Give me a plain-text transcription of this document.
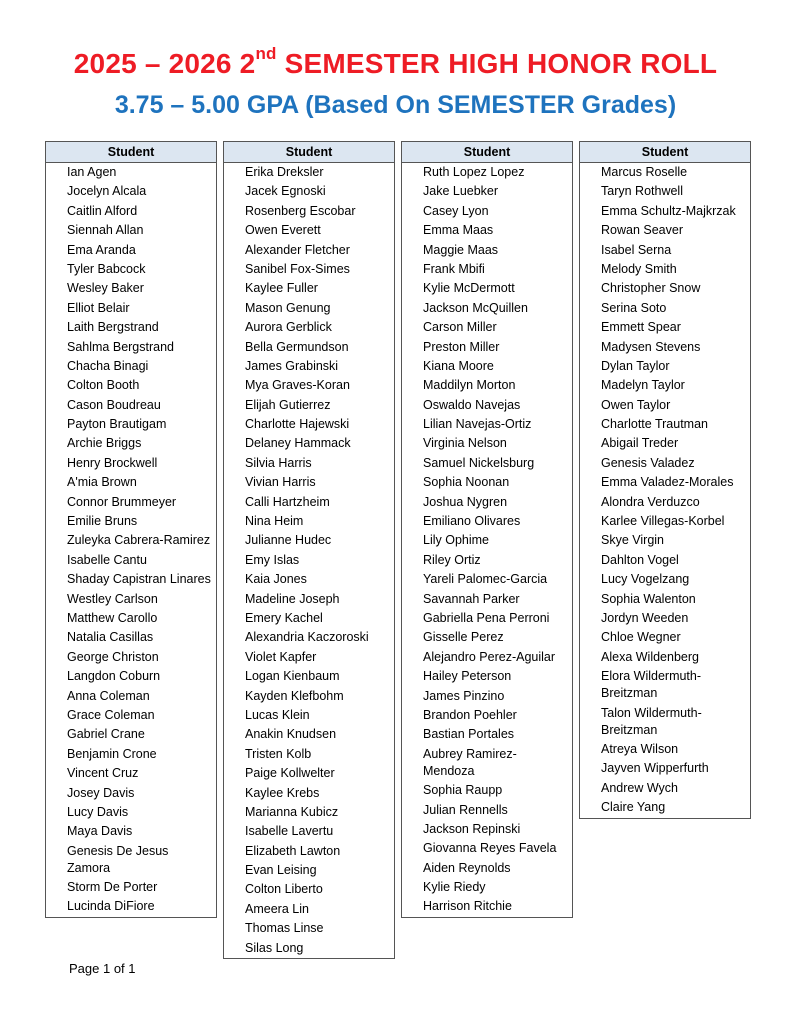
2025 – 2026 2nd SEMESTER HIGH HONOR ROLL
3.75 – 5.00 GPA (Based On SEMESTER Grades)
Student
Ian Agen
Jocelyn Alcala
Caitlin Alford
Siennah Allan
Ema Aranda
Tyler Babcock
Wesley Baker
Elliot Belair
Laith Bergstrand
Sahlma Bergstrand
Chacha Binagi
Colton Booth
Cason Boudreau
Payton Brautigam
Archie Briggs
Henry Brockwell
A'mia Brown
Connor Brummeyer
Emilie Bruns
Zuleyka Cabrera-Ramirez
Isabelle Cantu
Shaday Capistran Linares
Westley Carlson
Matthew Carollo
Natalia Casillas
George Christon
Langdon Coburn
Anna Coleman
Grace Coleman
Gabriel Crane
Benjamin Crone
Vincent Cruz
Josey Davis
Lucy Davis
Maya Davis
Genesis De Jesus Zamora
Storm De Porter
Lucinda DiFiore
Student
Erika Dreksler
Jacek Egnoski
Rosenberg Escobar
Owen Everett
Alexander Fletcher
Sanibel Fox-Simes
Kaylee Fuller
Mason Genung
Aurora Gerblick
Bella Germundson
James Grabinski
Mya Graves-Koran
Elijah Gutierrez
Charlotte Hajewski
Delaney Hammack
Silvia Harris
Vivian Harris
Calli Hartzheim
Nina Heim
Julianne Hudec
Emy Islas
Kaia Jones
Madeline Joseph
Emery Kachel
Alexandria Kaczoroski
Violet Kapfer
Logan Kienbaum
Kayden Klefbohm
Lucas Klein
Anakin Knudsen
Tristen Kolb
Paige Kollwelter
Kaylee Krebs
Marianna Kubicz
Isabelle Lavertu
Elizabeth Lawton
Evan Leising
Colton Liberto
Ameera Lin
Thomas Linse
Silas Long
Student
Ruth Lopez Lopez
Jake Luebker
Casey Lyon
Emma Maas
Maggie Maas
Frank Mbifi
Kylie McDermott
Jackson McQuillen
Carson Miller
Preston Miller
Kiana Moore
Maddilyn Morton
Oswaldo Navejas
Lilian Navejas-Ortiz
Virginia Nelson
Samuel Nickelsburg
Sophia Noonan
Joshua Nygren
Emiliano Olivares
Lily Ophime
Riley Ortiz
Yareli Palomec-Garcia
Savannah Parker
Gabriella Pena Perroni
Gisselle Perez
Alejandro Perez-Aguilar
Hailey Peterson
James Pinzino
Brandon Poehler
Bastian Portales
Aubrey Ramirez-Mendoza
Sophia Raupp
Julian Rennells
Jackson Repinski
Giovanna Reyes Favela
Aiden Reynolds
Kylie Riedy
Harrison Ritchie
Student
Marcus Roselle
Taryn Rothwell
Emma Schultz-Majkrzak
Rowan Seaver
Isabel Serna
Melody Smith
Christopher Snow
Serina Soto
Emmett Spear
Madysen Stevens
Dylan Taylor
Madelyn Taylor
Owen Taylor
Charlotte Trautman
Abigail Treder
Genesis Valadez
Emma Valadez-Morales
Alondra Verduzco
Karlee Villegas-Korbel
Skye Virgin
Dahlton Vogel
Lucy Vogelzang
Sophia Walenton
Jordyn Weeden
Chloe Wegner
Alexa Wildenberg
Elora Wildermuth-Breitzman
Talon Wildermuth-Breitzman
Atreya Wilson
Jayven Wipperfurth
Andrew Wych
Claire Yang
Page 1 of 1
